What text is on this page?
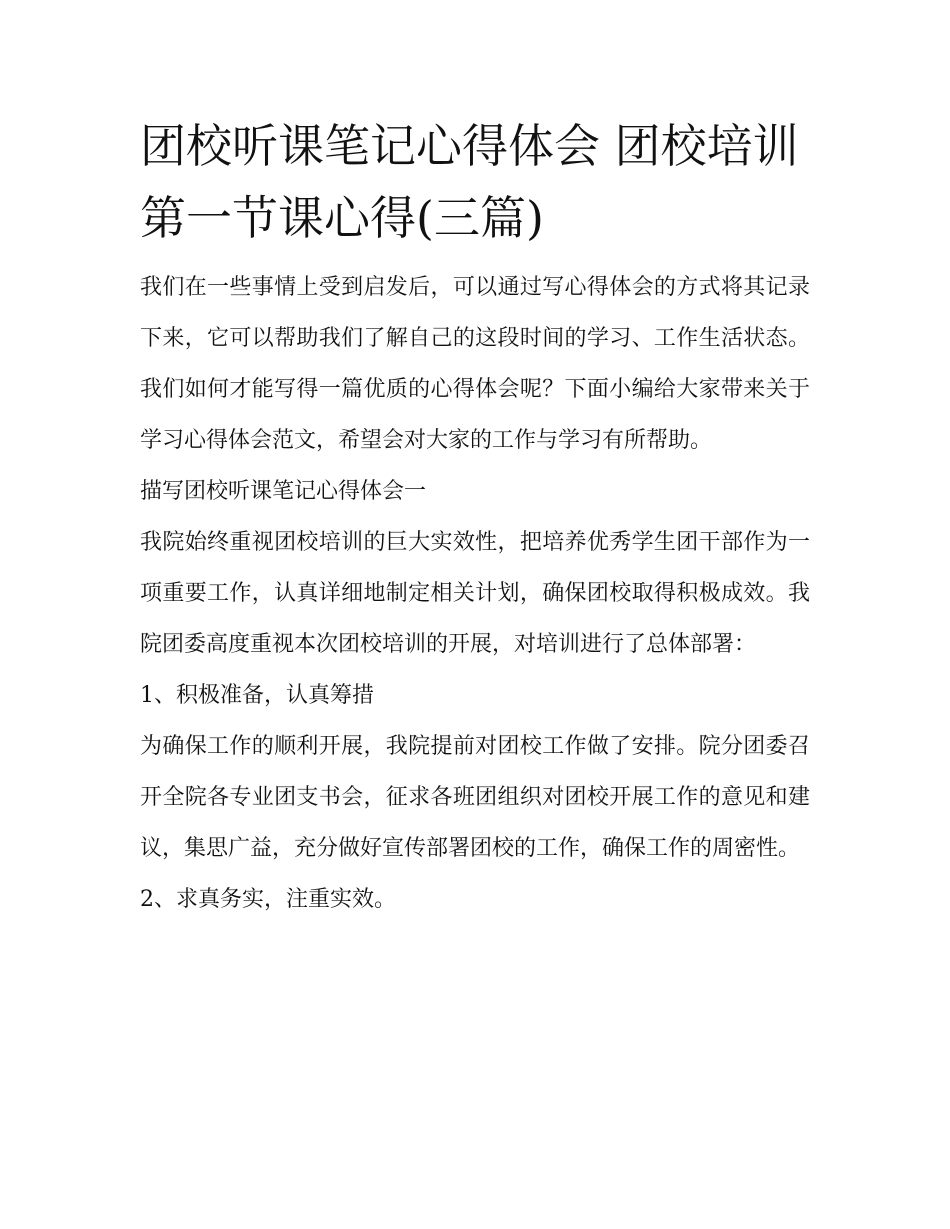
团校听课笔记心得体会 团校培训第一节课心得(三篇)

我们在一些事情上受到启发后，可以通过写心得体会的方式将其记录下来，它可以帮助我们了解自己的这段时间的学习、工作生活状态。我们如何才能写得一篇优质的心得体会呢？下面小编给大家带来关于学习心得体会范文，希望会对大家的工作与学习有所帮助。

描写团校听课笔记心得体会一

我院始终重视团校培训的巨大实效性，把培养优秀学生团干部作为一项重要工作，认真详细地制定相关计划，确保团校取得积极成效。我院团委高度重视本次团校培训的开展，对培训进行了总体部署：

1、积极准备，认真筹措

为确保工作的顺利开展，我院提前对团校工作做了安排。院分团委召开全院各专业团支书会，征求各班团组织对团校开展工作的意见和建议，集思广益，充分做好宣传部署团校的工作，确保工作的周密性。

2、求真务实，注重实效。
